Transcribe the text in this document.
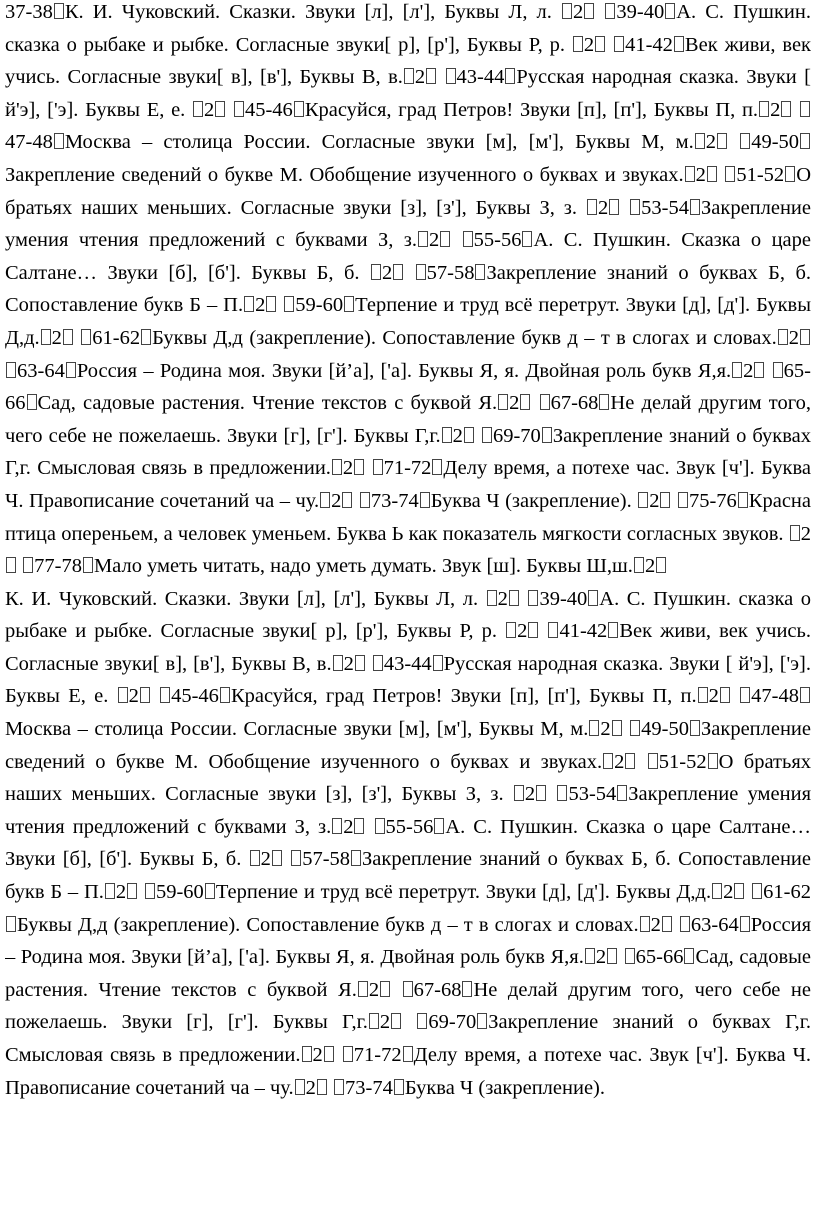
37-38 К. И. Чуковский. Сказки. Звуки [л], [л'], Буквы Л, л. 2 39-40 А. С. Пушкин. сказка о рыбаке и рыбке. Согласные звуки[ р], [р'], Буквы Р, р. 2 41-42 Век живи, век учись. Согласные звуки[ в], [в'], Буквы В, в. 2 43-44 Русская народная сказка. Звуки [ й'э], ['э]. Буквы Е, е. 2 45-46 Красуйся, град Петров! Звуки [п], [п'], Буквы П, п. 2 47-48 Москва – столица России. Согласные звуки [м], [м'], Буквы М, м. 2 49-50Закрепление сведений о букве М. Обобщение изученного о буквах и звуках. 2 51-52 О братьях наших меньших. Согласные звуки [з], [з'], Буквы З, з. 2 53-54 Закрепление умения чтения предложений с буквами З, з. 2 55-56 А. С. Пушкин. Сказка о царе Салтане… Звуки [б], [б']. Буквы Б, б. 2 57-58 Закрепление знаний о буквах Б, б. Сопоставление букв Б – П. 2 59-60 Терпение и труд всё перетрут. Звуки [д], [д']. Буквы Д,д. 2 61-62 Буквы Д,д (закрепление). Сопоставление букв д – т в слогах и словах. 2 63-64 Россия – Родина моя. Звуки [й’а], ['а]. Буквы Я, я. Двойная роль букв Я,я. 2 65-66 Сад, садовые растения. Чтение текстов с буквой Я. 2 67-68 Не делай другим того, чего себе не пожелаешь. Звуки [г], [г']. Буквы Г,г. 2 69-70 Закрепление знаний о буквах Г,г. Смысловая связь в предложении. 2 71-72 Делу время, а потехе час. Звук [ч']. Буква Ч. Правописание сочетаний ча – чу. 2 73-74 Буква Ч (закрепление). 2 75-76 Красна птица опереньем, а человек уменьем. Буква Ь как показатель мягкости согласных звуков. 2 77-78 Мало уметь читать, надо уметь думать. Звук [ш]. Буквы Ш,ш. 2

К. И. Чуковский. Сказки. Звуки [л], [л'], Буквы Л, л. 2 39-40 А. С. Пушкин. сказка о рыбаке и рыбке. Согласные звуки[ р], [р'], Буквы Р, р. 2 41-42 Век живи, век учись. Согласные звуки[ в], [в'], Буквы В, в. 2 43-44 Русская народная сказка. Звуки [ й'э], ['э]. Буквы Е, е. 2 45-46 Красуйся, град Петров! Звуки [п], [п'], Буквы П, п. 2 47-48Москва – столица России. Согласные звуки [м], [м'], Буквы М, м. 2 49-50 Закрепление сведений о букве М. Обобщение изученного о буквах и звуках. 2 51-52 О братьях наших меньших. Согласные звуки [з], [з'], Буквы З, з. 2 53-54 Закрепление умения чтения предложений с буквами З, з. 2 55-56 А. С. Пушкин. Сказка о царе Салтане… Звуки [б], [б']. Буквы Б, б. 2 57-58 Закрепление знаний о буквах Б, б. Сопоставление букв Б – П. 2 59-60 Терпение и труд всё перетрут. Звуки [д], [д']. Буквы Д,д. 2 61-62Буквы Д,д (закрепление). Сопоставление букв д – т в слогах и словах. 2 63-64 Россия – Родина моя. Звуки [й’а], ['а]. Буквы Я, я. Двойная роль букв Я,я. 2 65-66 Сад, садовые растения. Чтение текстов с буквой Я. 2 67-68 Не делай другим того, чего себе не пожелаешь. Звуки [г], [г']. Буквы Г,г. 2 69-70 Закрепление знаний о буквах Г,г. Смысловая связь в предложении. 2 71-72 Делу время, а потехе час. Звук [ч']. Буква Ч. Правописание сочетаний ча – чу. 2 73-74 Буква Ч (закрепление).
